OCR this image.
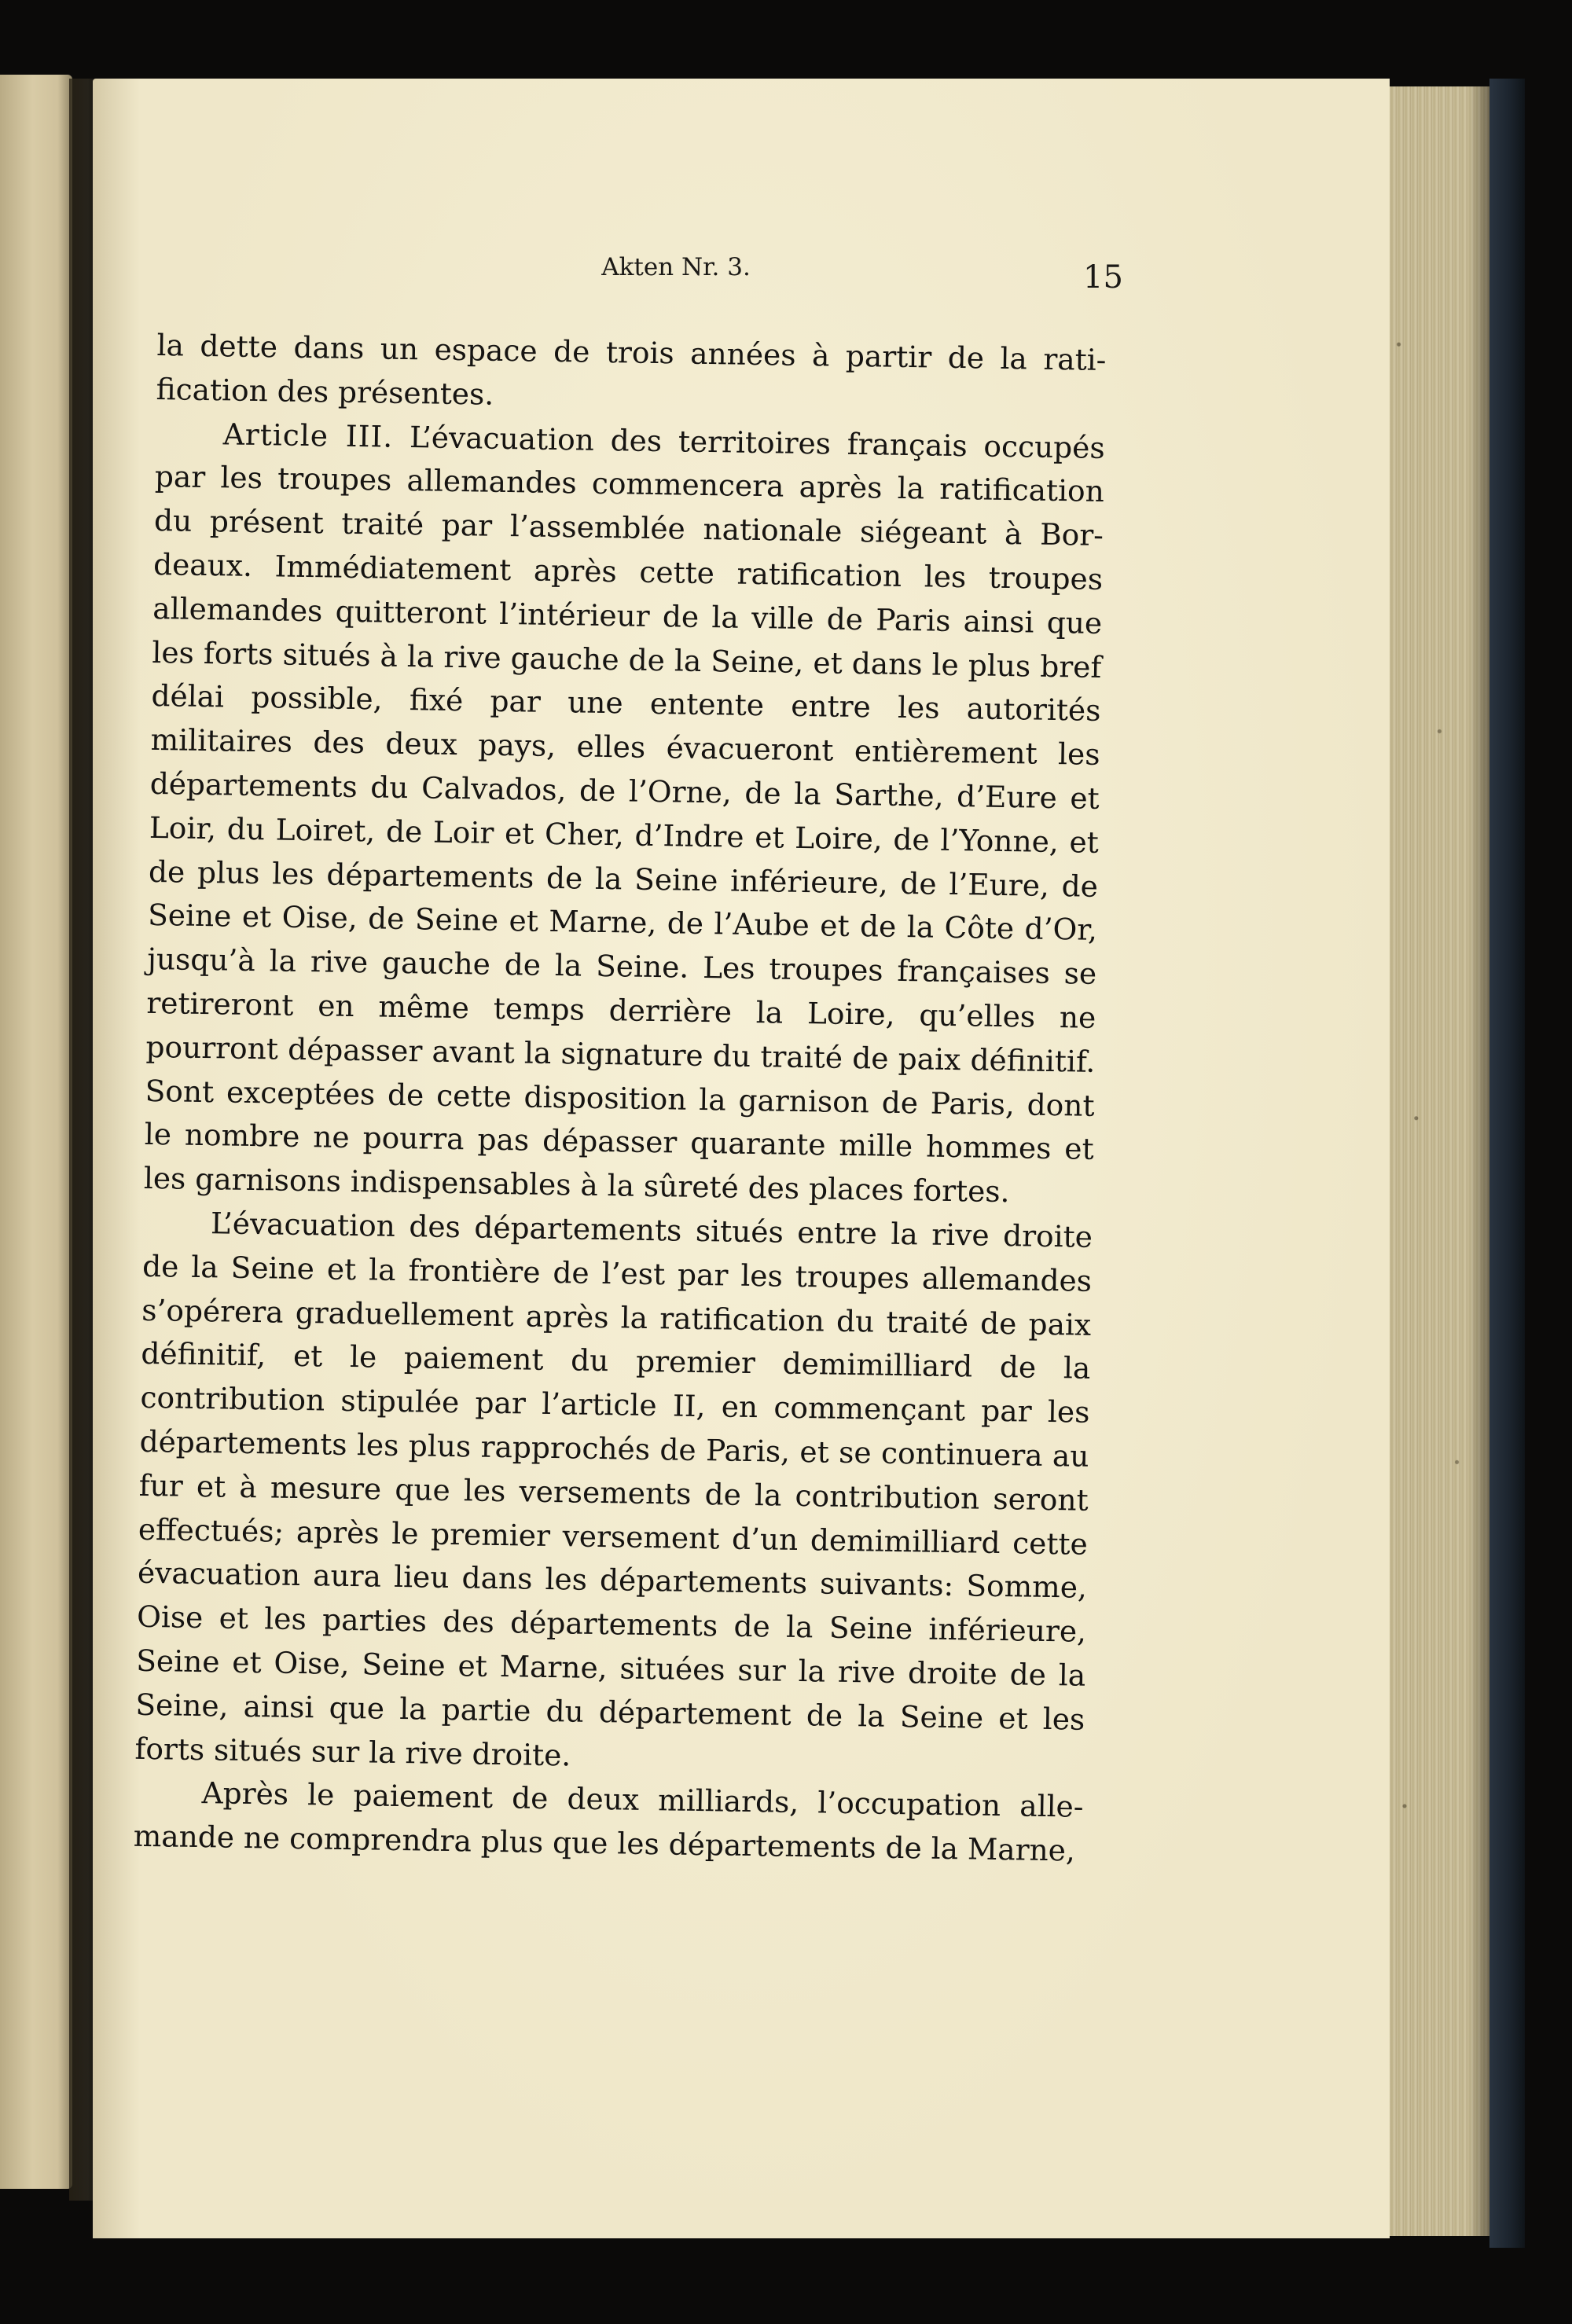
Akten Nr. 3.	15

la dette dans un espace de trois années à partir de la ratification des présentes.

Article III. L’évacuation des territoires français occupés par les troupes allemandes commencera après la ratification du présent traité par l’assemblée nationale siégeant à Bordeaux. Immédiatement après cette ratification les troupes allemandes quitteront l’intérieur de la ville de Paris ainsi que les forts situés à la rive gauche de la Seine, et dans le plus bref délai possible, fixé par une entente entre les autorités militaires des deux pays, elles évacueront entièrement les départements du Calvados, de l’Orne, de la Sarthe, d’Eure et Loir, du Loiret, de Loir et Cher, d’Indre et Loire, de l’Yonne, et de plus les départements de la Seine inférieure, de l’Eure, de Seine et Oise, de Seine et Marne, de l’Aube et de la Côte d’Or, jusqu’à la rive gauche de la Seine. Les troupes françaises se retireront en même temps derrière la Loire, qu’elles ne pourront dépasser avant la signature du traité de paix définitif. Sont exceptées de cette disposition la garnison de Paris, dont le nombre ne pourra pas dépasser quarante mille hommes et les garnisons indispensables à la sûreté des places fortes.

L’évacuation des départements situés entre la rive droite de la Seine et la frontière de l’est par les troupes allemandes s’opérera graduellement après la ratification du traité de paix définitif, et le paiement du premier demimilliard de la contribution stipulée par l’article II, en commençant par les départements les plus rapprochés de Paris, et se continuera au fur et à mesure que les versements de la contribution seront effectués; après le premier versement d’un demimilliard cette évacuation aura lieu dans les départements suivants: Somme, Oise et les parties des départements de la Seine inférieure, Seine et Oise, Seine et Marne, situées sur la rive droite de la Seine, ainsi que la partie du département de la Seine et les forts situés sur la rive droite.

Après le paiement de deux milliards, l’occupation allemande ne comprendra plus que les départements de la Marne,
